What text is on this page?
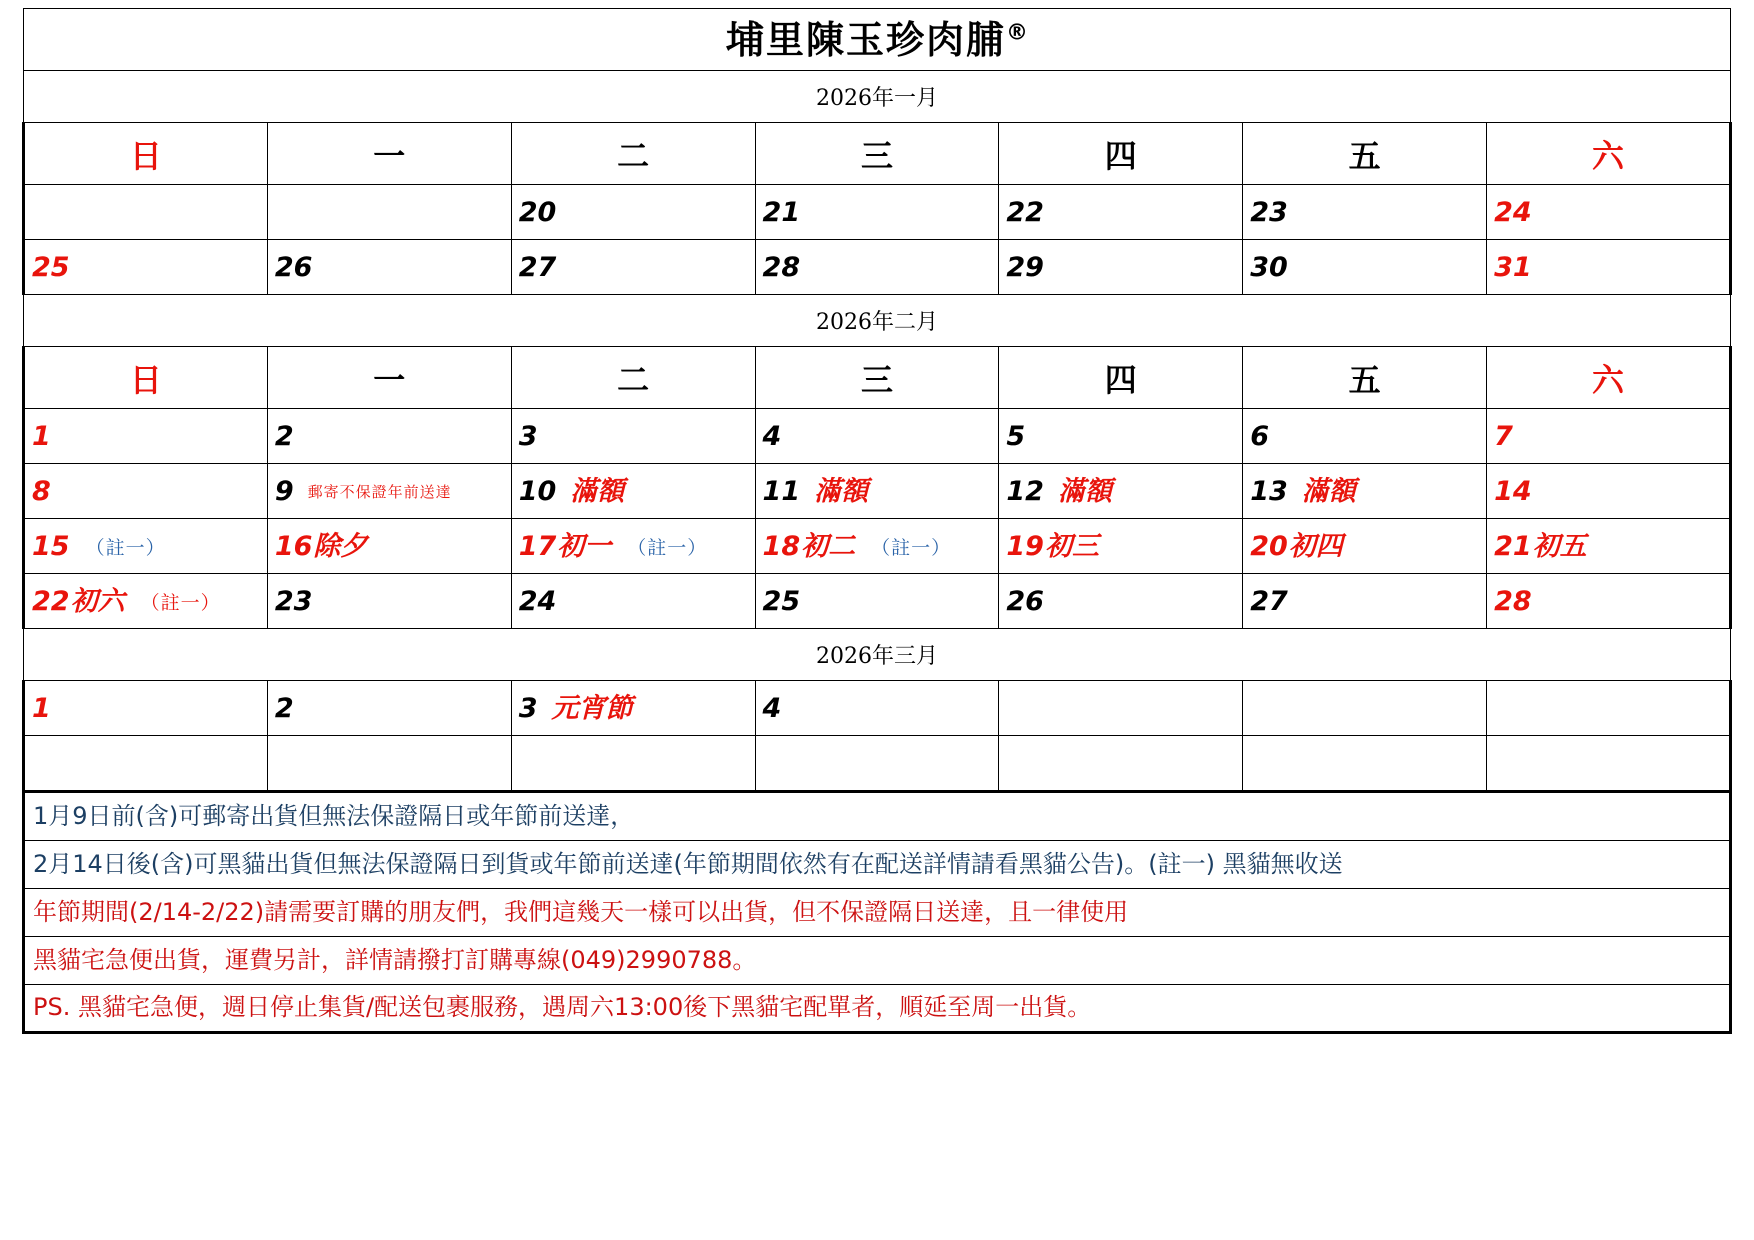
埔里陳玉珍肉脯®
2026年一月						
日	一	二	三	四	五	六

		20	21	22	23	24

25	26	27	28	29	30	31

2026年二月						
日	一	二	三	四	五	六

1	2	3	4	5	6	7

8	9 郵寄不保證年前送達	10 滿額	11 滿額	12 滿額	13 滿額	14

15 （註一）	16 除夕	17 初一 （註一）	18 初二 （註一）	19 初三	20 初四	21 初五

22 初六 （註一）	23	24	25	26	27	28

2026年三月						

1	2	3 元宵節	4			

1月9日前(含)可郵寄出貨但無法保證隔日或年節前送達，

2月14日後(含)可黑貓出貨但無法保證隔日到貨或年節前送達(年節期間依然有在配送詳情請看黑貓公告)。(註一) 黑貓無收送

年節期間(2/14-2/22)請需要訂購的朋友們，我們這幾天一樣可以出貨，但不保證隔日送達，且一律使用

黑貓宅急便出貨，運費另計，詳情請撥打訂購專線(049)2990788。

PS. 黑貓宅急便，週日停止集貨/配送包裹服務，遇周六13:00後下黑貓宅配單者，順延至周一出貨。
